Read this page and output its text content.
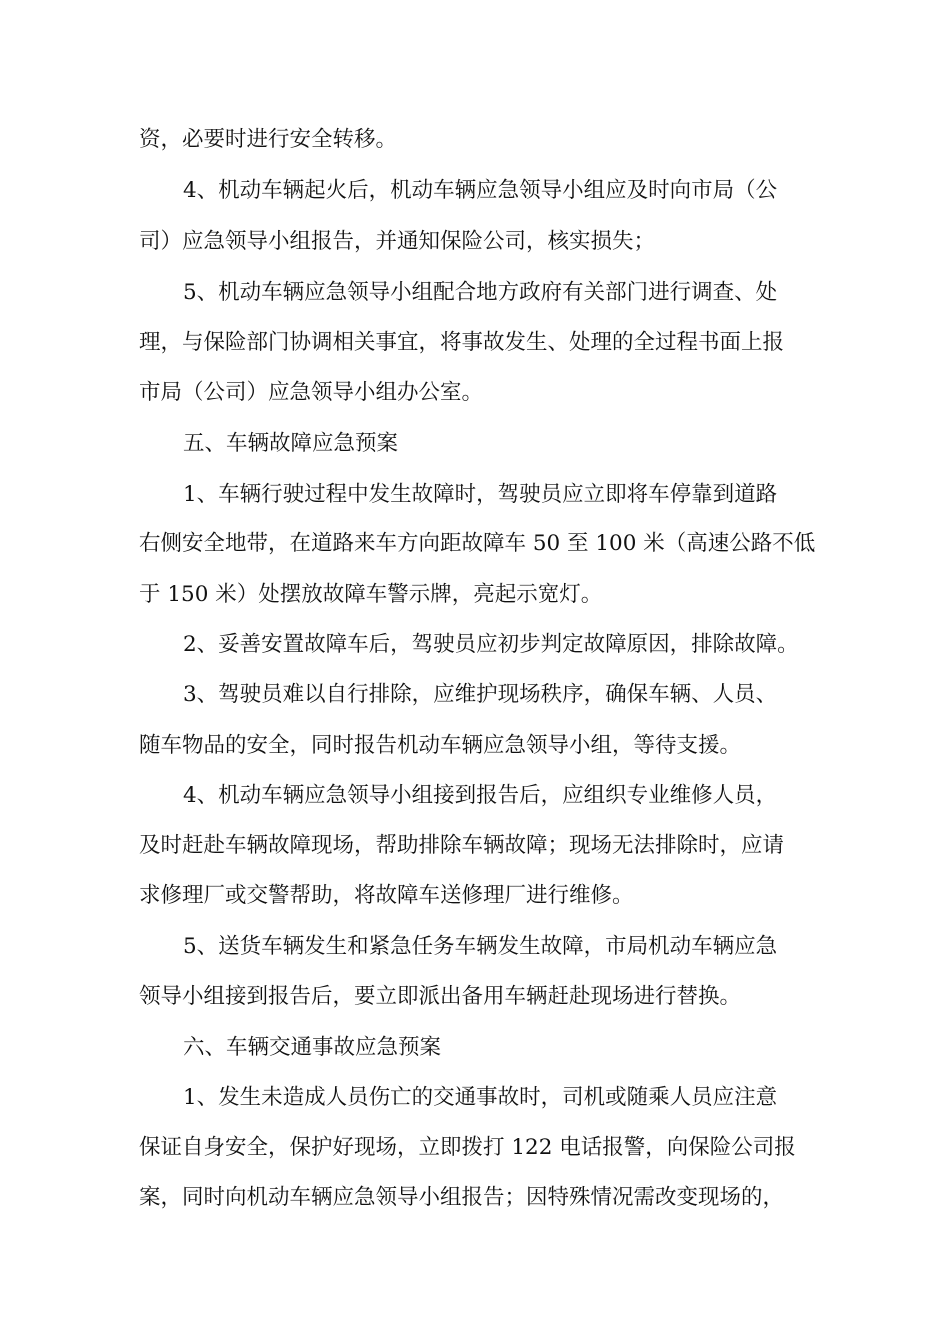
资，必要时进行安全转移。

4、机动车辆起火后，机动车辆应急领导小组应及时向市局（公

司）应急领导小组报告，并通知保险公司，核实损失；

5、机动车辆应急领导小组配合地方政府有关部门进行调查、处

理，与保险部门协调相关事宜，将事故发生、处理的全过程书面上报

市局（公司）应急领导小组办公室。

五、车辆故障应急预案

1、车辆行驶过程中发生故障时，驾驶员应立即将车停靠到道路

右侧安全地带，在道路来车方向距故障车 50 至 100 米（高速公路不低

于 150 米）处摆放故障车警示牌，亮起示宽灯。

2、妥善安置故障车后，驾驶员应初步判定故障原因，排除故障。

3、驾驶员难以自行排除，应维护现场秩序，确保车辆、人员、

随车物品的安全，同时报告机动车辆应急领导小组，等待支援。

4、机动车辆应急领导小组接到报告后，应组织专业维修人员，

及时赶赴车辆故障现场，帮助排除车辆故障；现场无法排除时，应请

求修理厂或交警帮助，将故障车送修理厂进行维修。

5、送货车辆发生和紧急任务车辆发生故障，市局机动车辆应急

领导小组接到报告后，要立即派出备用车辆赶赴现场进行替换。

六、车辆交通事故应急预案

1、发生未造成人员伤亡的交通事故时，司机或随乘人员应注意

保证自身安全，保护好现场，立即拨打 122 电话报警，向保险公司报

案，同时向机动车辆应急领导小组报告；因特殊情况需改变现场的，
